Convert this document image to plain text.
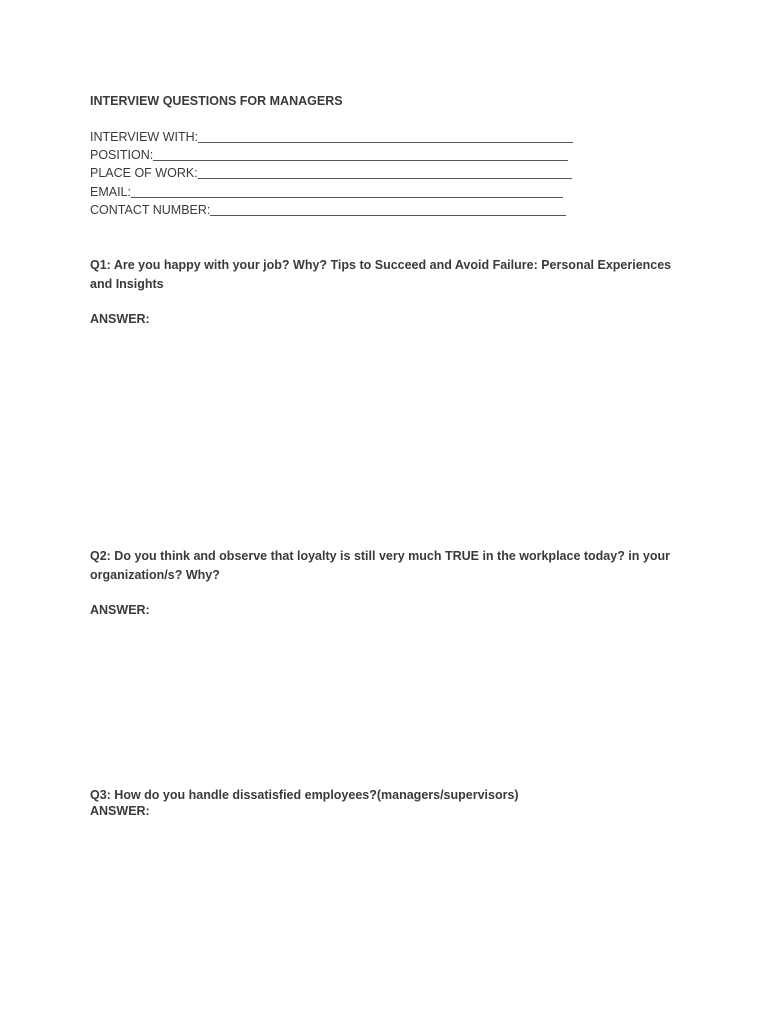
INTERVIEW QUESTIONS FOR MANAGERS
INTERVIEW WITH:
POSITION:
PLACE OF WORK:
EMAIL:
CONTACT NUMBER:
Q1: Are you happy with your job? Why? Tips to Succeed and Avoid Failure: Personal Experiences and Insights
ANSWER:
Q2: Do you think and observe that loyalty is still very much TRUE in the workplace today? in your organization/s? Why?
ANSWER:
Q3: How do you handle dissatisfied employees?(managers/supervisors)
ANSWER:
